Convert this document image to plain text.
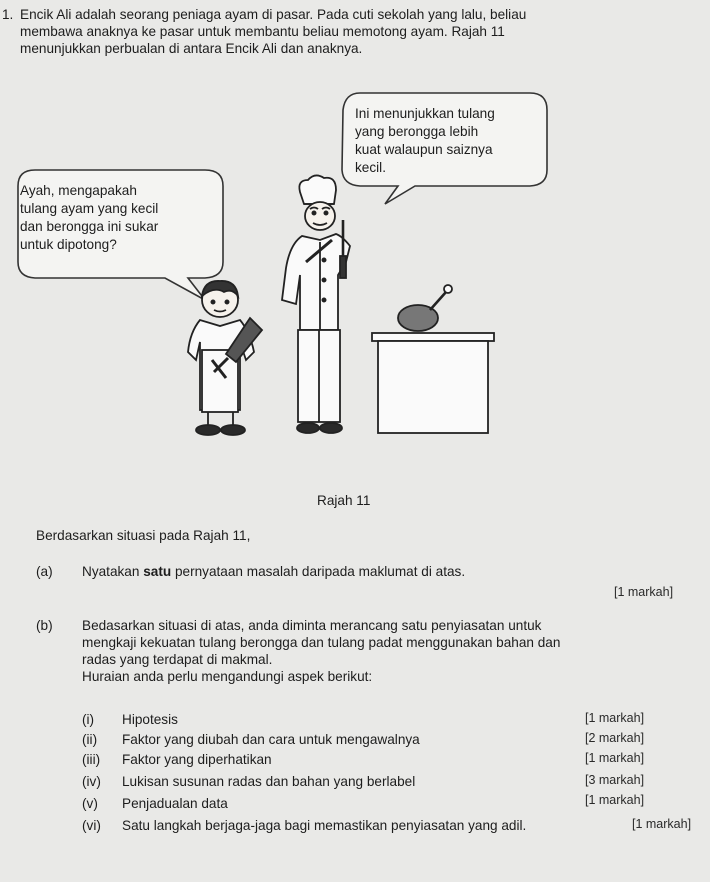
1. Encik Ali adalah seorang peniaga ayam di pasar. Pada cuti sekolah yang lalu, beliau
membawa anaknya ke pasar untuk membantu beliau memotong ayam. Rajah 11
menunjukkan perbualan di antara Encik Ali dan anaknya.
Ini menunjukkan tulang
yang berongga lebih
kuat walaupun saiznya
kecil.
Ayah, mengapakah
tulang ayam yang kecil
dan berongga ini sukar
untuk dipotong?
Rajah 11
Berdasarkan situasi pada Rajah 11,
(a) Nyatakan satu pernyataan masalah daripada maklumat di atas.
[1 markah]
(b) Bedasarkan situasi di atas, anda diminta merancang satu penyiasatan untuk
mengkaji kekuatan tulang berongga dan tulang padat menggunakan bahan dan
radas yang terdapat di makmal.
Huraian anda perlu mengandungi aspek berikut:
(i) Hipotesis	[1 markah]
(ii) Faktor yang diubah dan cara untuk mengawalnya	[2 markah]
(iii) Faktor yang diperhatikan	[1 markah]
(iv) Lukisan susunan radas dan bahan yang berlabel	[3 markah]
(v) Penjadualan data	[1 markah]
(vi) Satu langkah berjaga-jaga bagi memastikan penyiasatan yang adil.	[1 markah]
